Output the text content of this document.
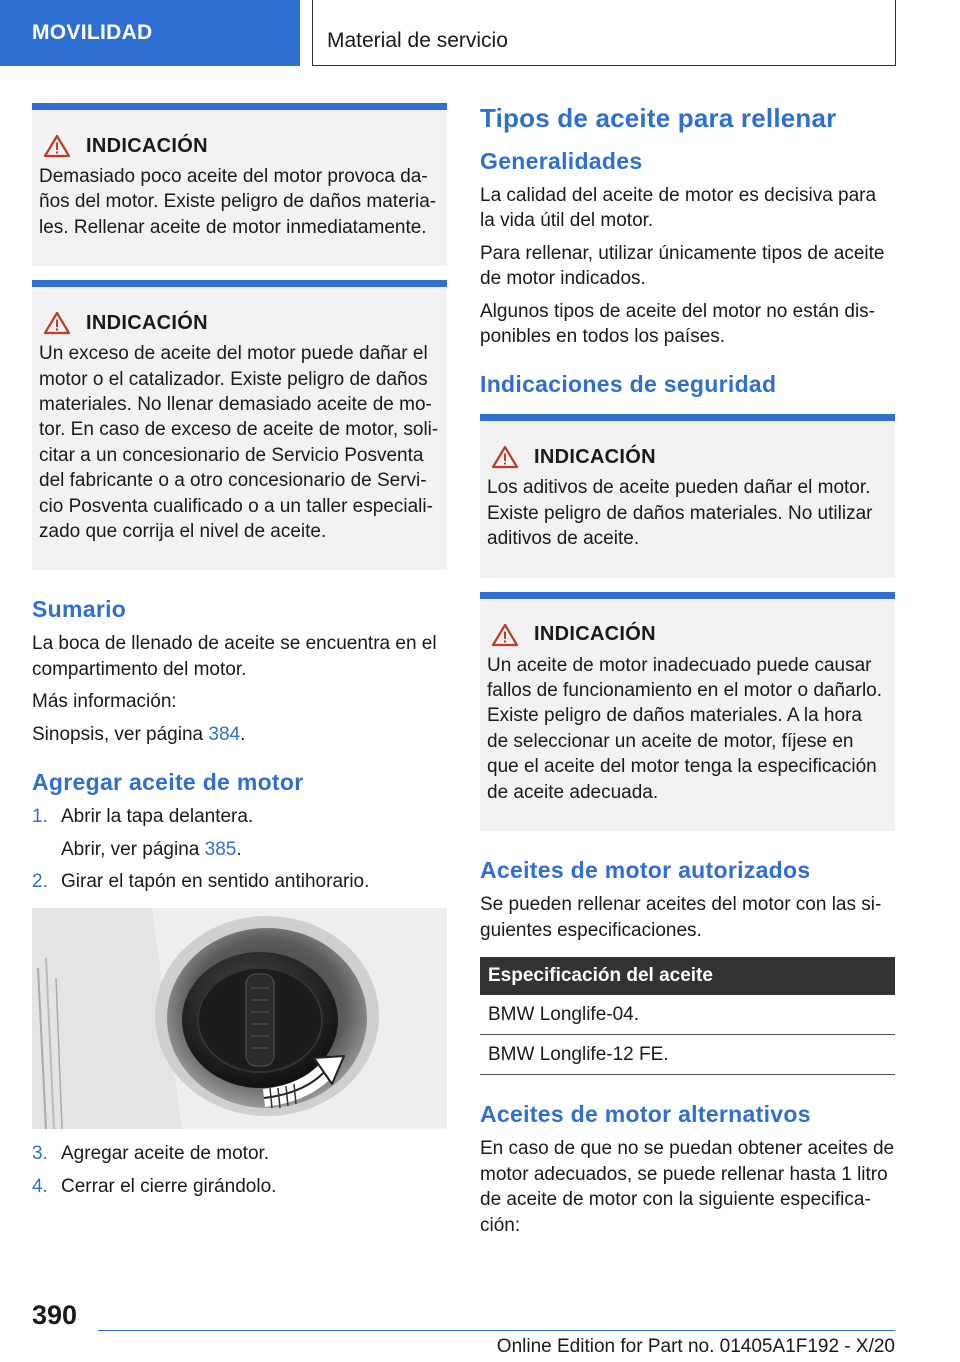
MOVILIDAD	Material de servicio
INDICACIÓN
Demasiado poco aceite del motor provoca da-ños del motor. Existe peligro de daños materia-les. Rellenar aceite de motor inmediatamente.
INDICACIÓN
Un exceso de aceite del motor puede dañar el motor o el catalizador. Existe peligro de daños materiales. No llenar demasiado aceite de mo-tor. En caso de exceso de aceite de motor, soli-citar a un concesionario de Servicio Posventa del fabricante o a otro concesionario de Servi-cio Posventa cualificado o a un taller especiali-zado que corrija el nivel de aceite.
Sumario

La boca de llenado de aceite se encuentra en el compartimento del motor.

Más información:

Sinopsis, ver página 384.

Agregar aceite de motor
1. Abrir la tapa delantera.
Abrir, ver página 385.
2. Girar el tapón en sentido antihorario.
3. Agregar aceite de motor.
4. Cerrar el cierre girándolo.
Tipos de aceite para rellenar
Generalidades

La calidad del aceite de motor es decisiva para la vida útil del motor.

Para rellenar, utilizar únicamente tipos de aceite de motor indicados.

Algunos tipos de aceite del motor no están dis-ponibles en todos los países.

Indicaciones de seguridad
INDICACIÓN
Los aditivos de aceite pueden dañar el motor. Existe peligro de daños materiales. No utilizar aditivos de aceite.
INDICACIÓN
Un aceite de motor inadecuado puede causar fallos de funcionamiento en el motor o dañarlo. Existe peligro de daños materiales. A la hora de seleccionar un aceite de motor, fíjese en que el aceite del motor tenga la especificación de aceite adecuada.
Aceites de motor autorizados

Se pueden rellenar aceites del motor con las si-guientes especificaciones.

Especificación del aceite
BMW Longlife-04.
BMW Longlife-12 FE.
Aceites de motor alternativos

En caso de que no se puedan obtener aceites de motor adecuados, se puede rellenar hasta 1 litro de aceite de motor con la siguiente especifica-ción:

390
Online Edition for Part no. 01405A1F192 - X/20
